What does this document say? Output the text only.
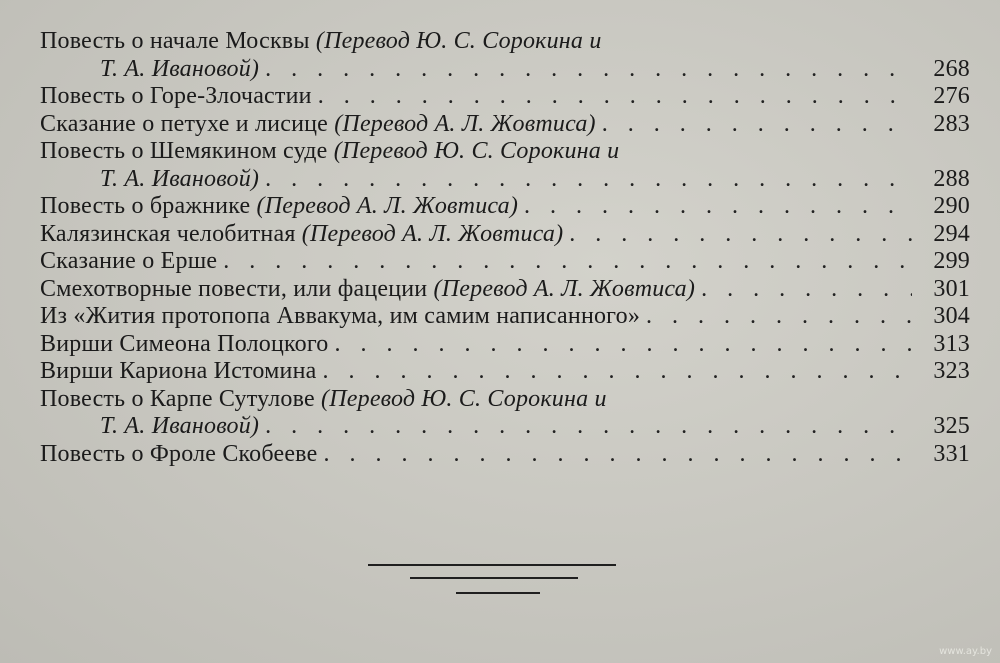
Повесть о начале Москвы (Перевод Ю. С. Сорокина и
Т. А. Ивановой) . . .	268
Повесть о Горе-Злочастии . . .	276
Сказание о петухе и лисице (Перевод А. Л. Жовтиса) . . .	283
Повесть о Шемякином суде (Перевод Ю. С. Сорокина и
Т. А. Ивановой) . . .	288
Повесть о бражнике (Перевод А. Л. Жовтиса) . . .	290
Калязинская челобитная (Перевод А. Л. Жовтиса) . . .	294
Сказание о Ерше . . .	299
Смехотворные повести, или фацеции (Перевод А. Л. Жовтиса) . . .	301
Из «Жития протопопа Аввакума, им самим написанного» . . .	304
Вирши Симеона Полоцкого . . .	313
Вирши Кариона Истомина . . .	323
Повесть о Карпе Сутулове (Перевод Ю. С. Сорокина и
Т. А. Ивановой) . . .	325
Повесть о Фроле Скобееве . . .	331
www.ay.by
